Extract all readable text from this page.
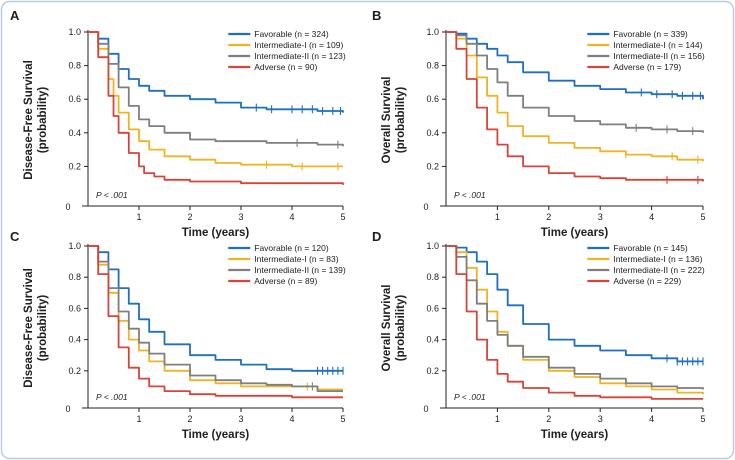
A
0
0.2
0.4
0.6
0.8
1.0
1	2	3	4	5
Time (years)
Disease-Free Survival (probability)
Favorable (n = 324)
Intermediate-I (n = 109)
Intermediate-II (n = 123)
Adverse (n = 90)
P < .001
B
0
0.2
0.4
0.6
0.8
1.0
1	2	3	4	5
Time (years)
Overall Survival (probability)
Favorable (n = 339)
Intermediate-I (n = 144)
Intermediate-II (n = 156)
Adverse (n = 179)
P < .001
C
0
0.2
0.4
0.6
0.8
1.0
1	2	3	4	5
Time (years)
Disease-Free Survival (probability)
Favorable (n = 120)
Intermediate-I (n = 83)
Intermediate-II (n = 139)
Adverse (n = 89)
P < .001
D
0
0.2
0.4
0.6
0.8
1.0
1	2	3	4	5
Time (years)
Overall Survival (probability)
Favorable (n = 145)
Intermediate-I (n = 136)
Intermediate-II (n = 222)
Adverse (n = 229)
P < .001
